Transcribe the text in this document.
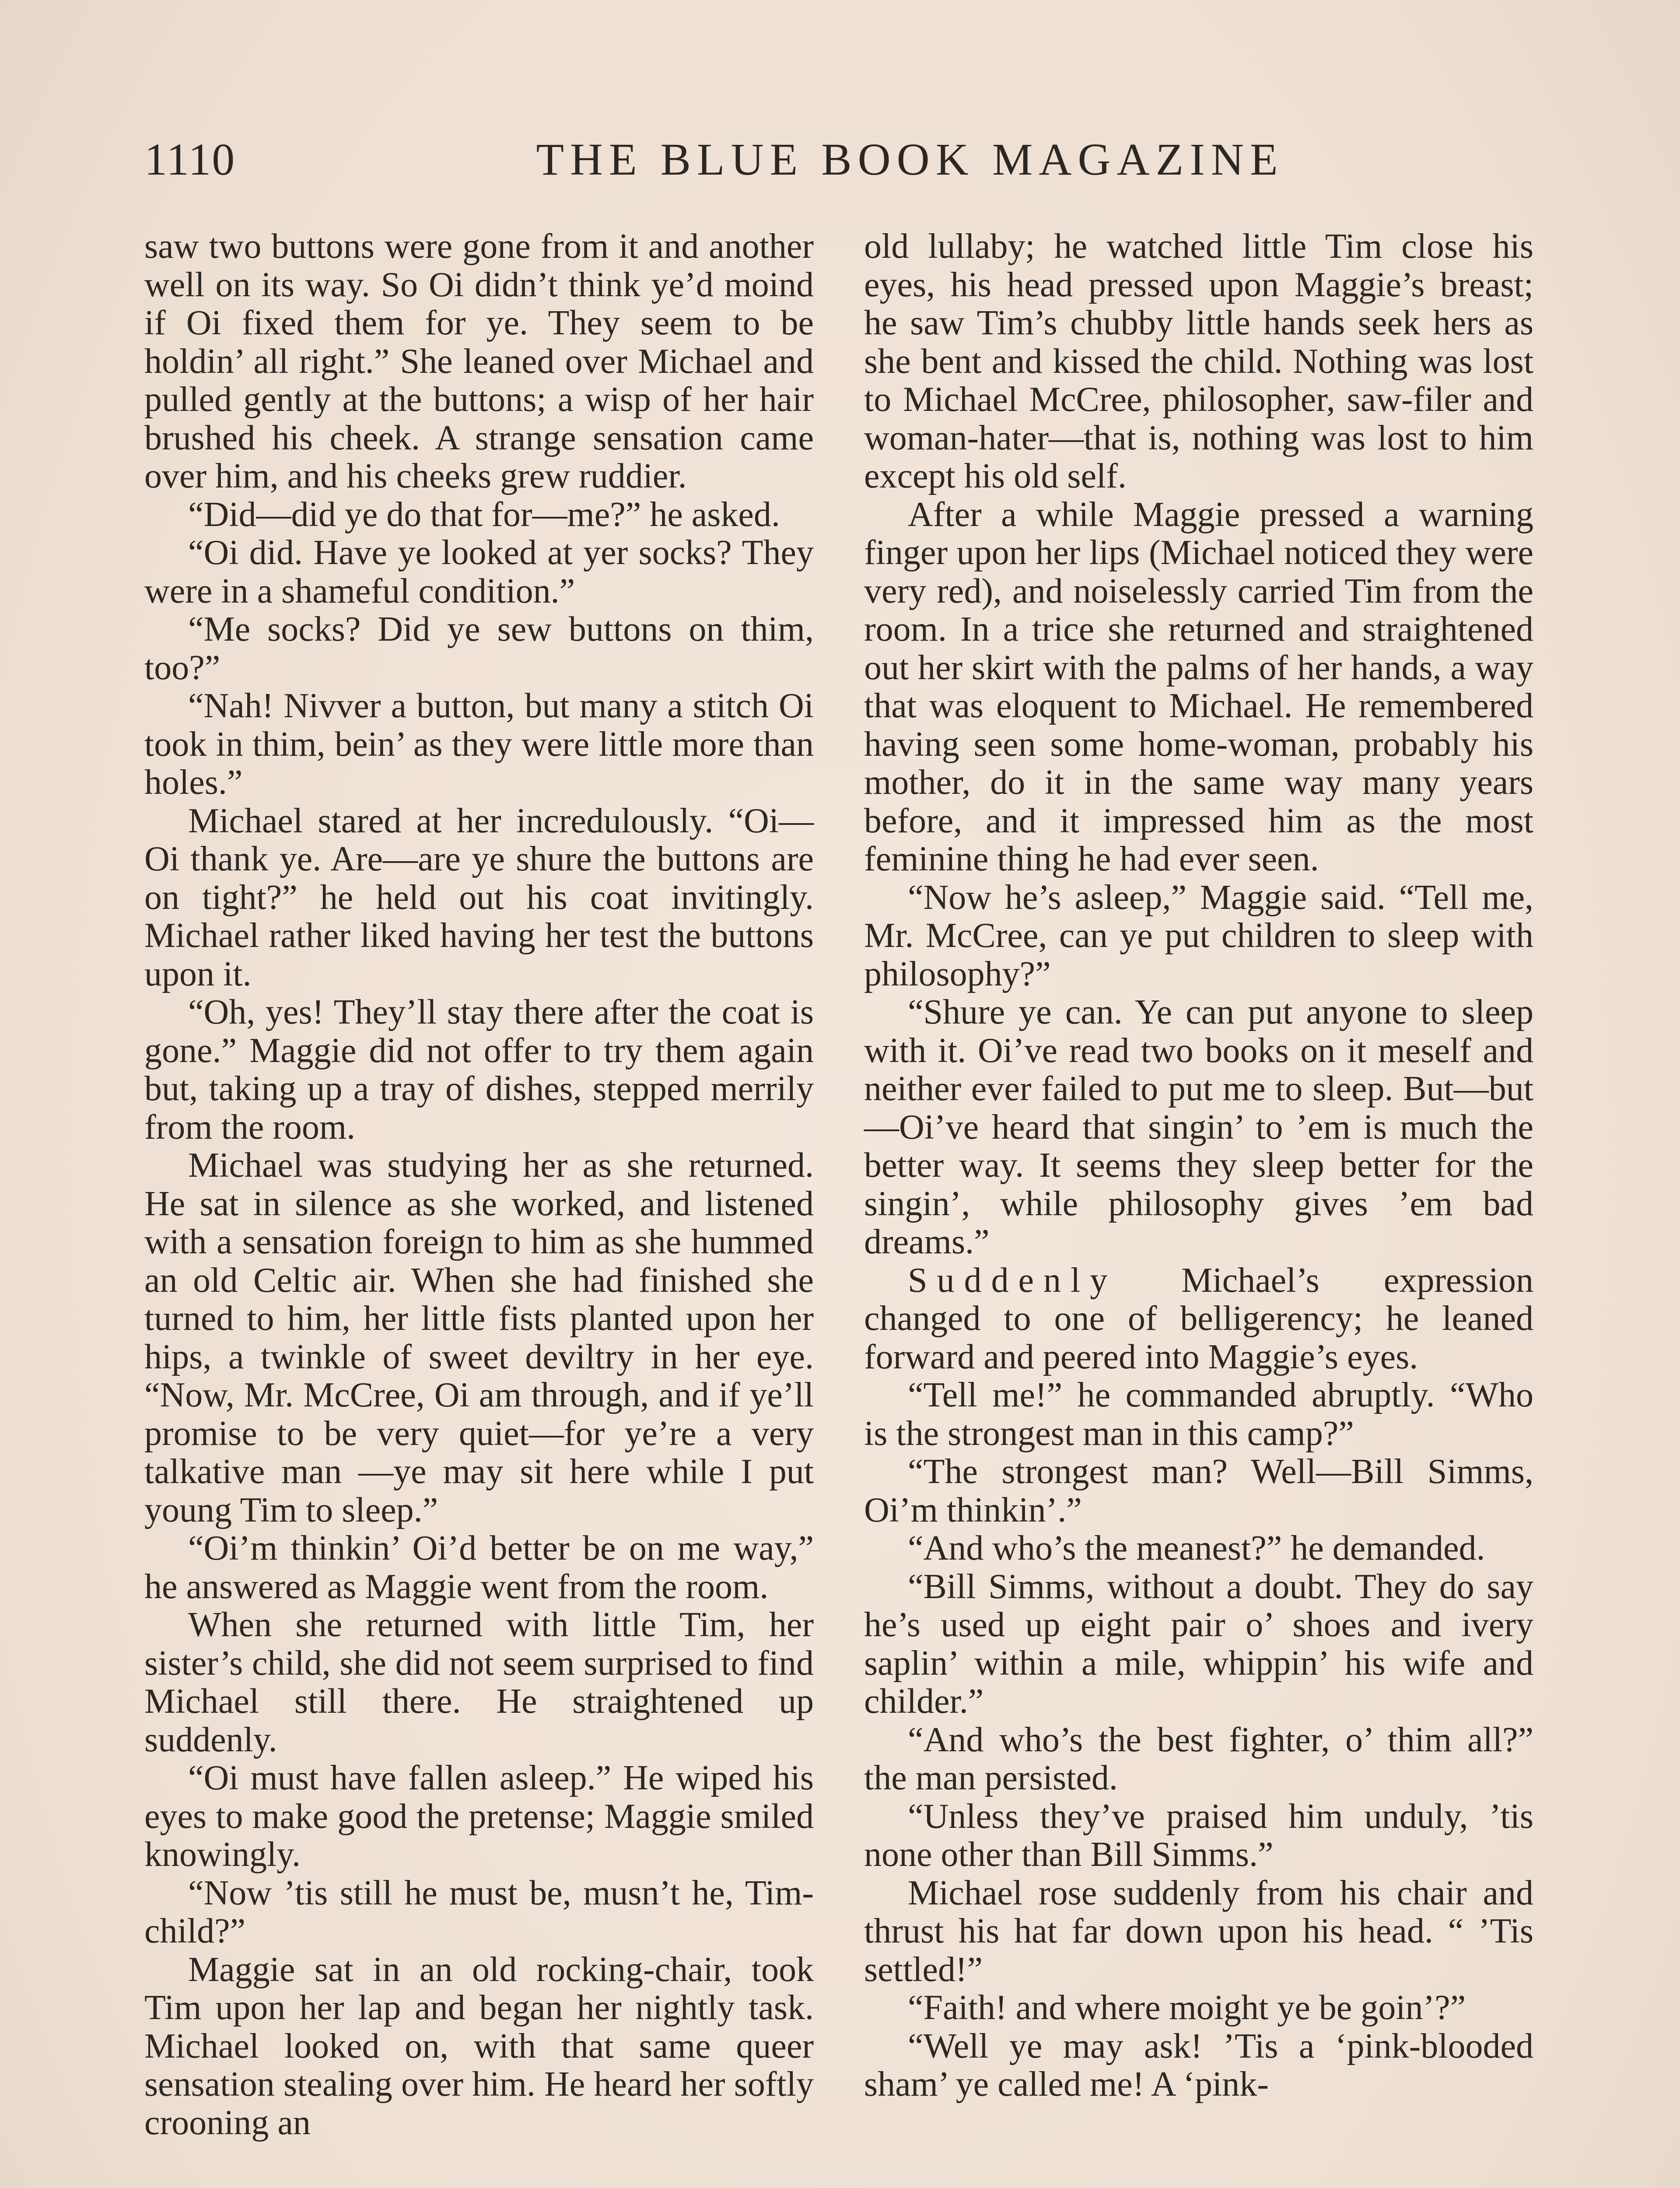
1110	THE BLUE BOOK MAGAZINE

saw two buttons were gone from it and another well on its way. So Oi didn’t think ye’d moind if Oi fixed them for ye. They seem to be holdin’ all right.” She leaned over Michael and pulled gently at the buttons; a wisp of her hair brushed his cheek. A strange sensation came over him, and his cheeks grew ruddier.

“Did—did ye do that for—me?” he asked.

“Oi did. Have ye looked at yer socks? They were in a shameful condition.”

“Me socks? Did ye sew buttons on thim, too?”

“Nah! Nivver a button, but many a stitch Oi took in thim, bein’ as they were little more than holes.”

Michael stared at her incredulously. “Oi—Oi thank ye. Are—are ye shure the buttons are on tight?” he held out his coat invitingly. Michael rather liked having her test the buttons upon it.

“Oh, yes! They’ll stay there after the coat is gone.” Maggie did not offer to try them again but, taking up a tray of dishes, stepped merrily from the room.

Michael was studying her as she returned. He sat in silence as she worked, and listened with a sensation foreign to him as she hummed an old Celtic air. When she had finished she turned to him, her little fists planted upon her hips, a twinkle of sweet deviltry in her eye. “Now, Mr. McCree, Oi am through, and if ye’ll promise to be very quiet—for ye’re a very talkative man —ye may sit here while I put young Tim to sleep.”

“Oi’m thinkin’ Oi’d better be on me way,” he answered as Maggie went from the room.

When she returned with little Tim, her sister’s child, she did not seem surprised to find Michael still there. He straightened up suddenly.

“Oi must have fallen asleep.” He wiped his eyes to make good the pretense; Maggie smiled knowingly.

“Now ’tis still he must be, musn’t he, Tim-child?”

Maggie sat in an old rocking-chair, took Tim upon her lap and began her nightly task. Michael looked on, with that same queer sensation stealing over him. He heard her softly crooning an

old lullaby; he watched little Tim close his eyes, his head pressed upon Maggie’s breast; he saw Tim’s chubby little hands seek hers as she bent and kissed the child. Nothing was lost to Michael McCree, philosopher, saw-filer and woman-hater—that is, nothing was lost to him except his old self.

After a while Maggie pressed a warning finger upon her lips (Michael noticed they were very red), and noiselessly carried Tim from the room. In a trice she returned and straightened out her skirt with the palms of her hands, a way that was eloquent to Michael. He remembered having seen some home-woman, probably his mother, do it in the same way many years before, and it impressed him as the most feminine thing he had ever seen.

“Now he’s asleep,” Maggie said. “Tell me, Mr. McCree, can ye put children to sleep with philosophy?”

“Shure ye can. Ye can put anyone to sleep with it. Oi’ve read two books on it meself and neither ever failed to put me to sleep. But—but—Oi’ve heard that singin’ to ’em is much the better way. It seems they sleep better for the singin’, while philosophy gives ’em bad dreams.”

Suddenly Michael’s expression changed to one of belligerency; he leaned forward and peered into Maggie’s eyes.

“Tell me!” he commanded abruptly. “Who is the strongest man in this camp?”

“The strongest man? Well—Bill Simms, Oi’m thinkin’.”

“And who’s the meanest?” he demanded.

“Bill Simms, without a doubt. They do say he’s used up eight pair o’ shoes and ivery saplin’ within a mile, whippin’ his wife and childer.”

“And who’s the best fighter, o’ thim all?” the man persisted.

“Unless they’ve praised him unduly, ’tis none other than Bill Simms.”

Michael rose suddenly from his chair and thrust his hat far down upon his head. “ ’Tis settled!”

“Faith! and where moight ye be goin’?”

“Well ye may ask! ’Tis a ‘pink-blooded sham’ ye called me! A ‘pink-
